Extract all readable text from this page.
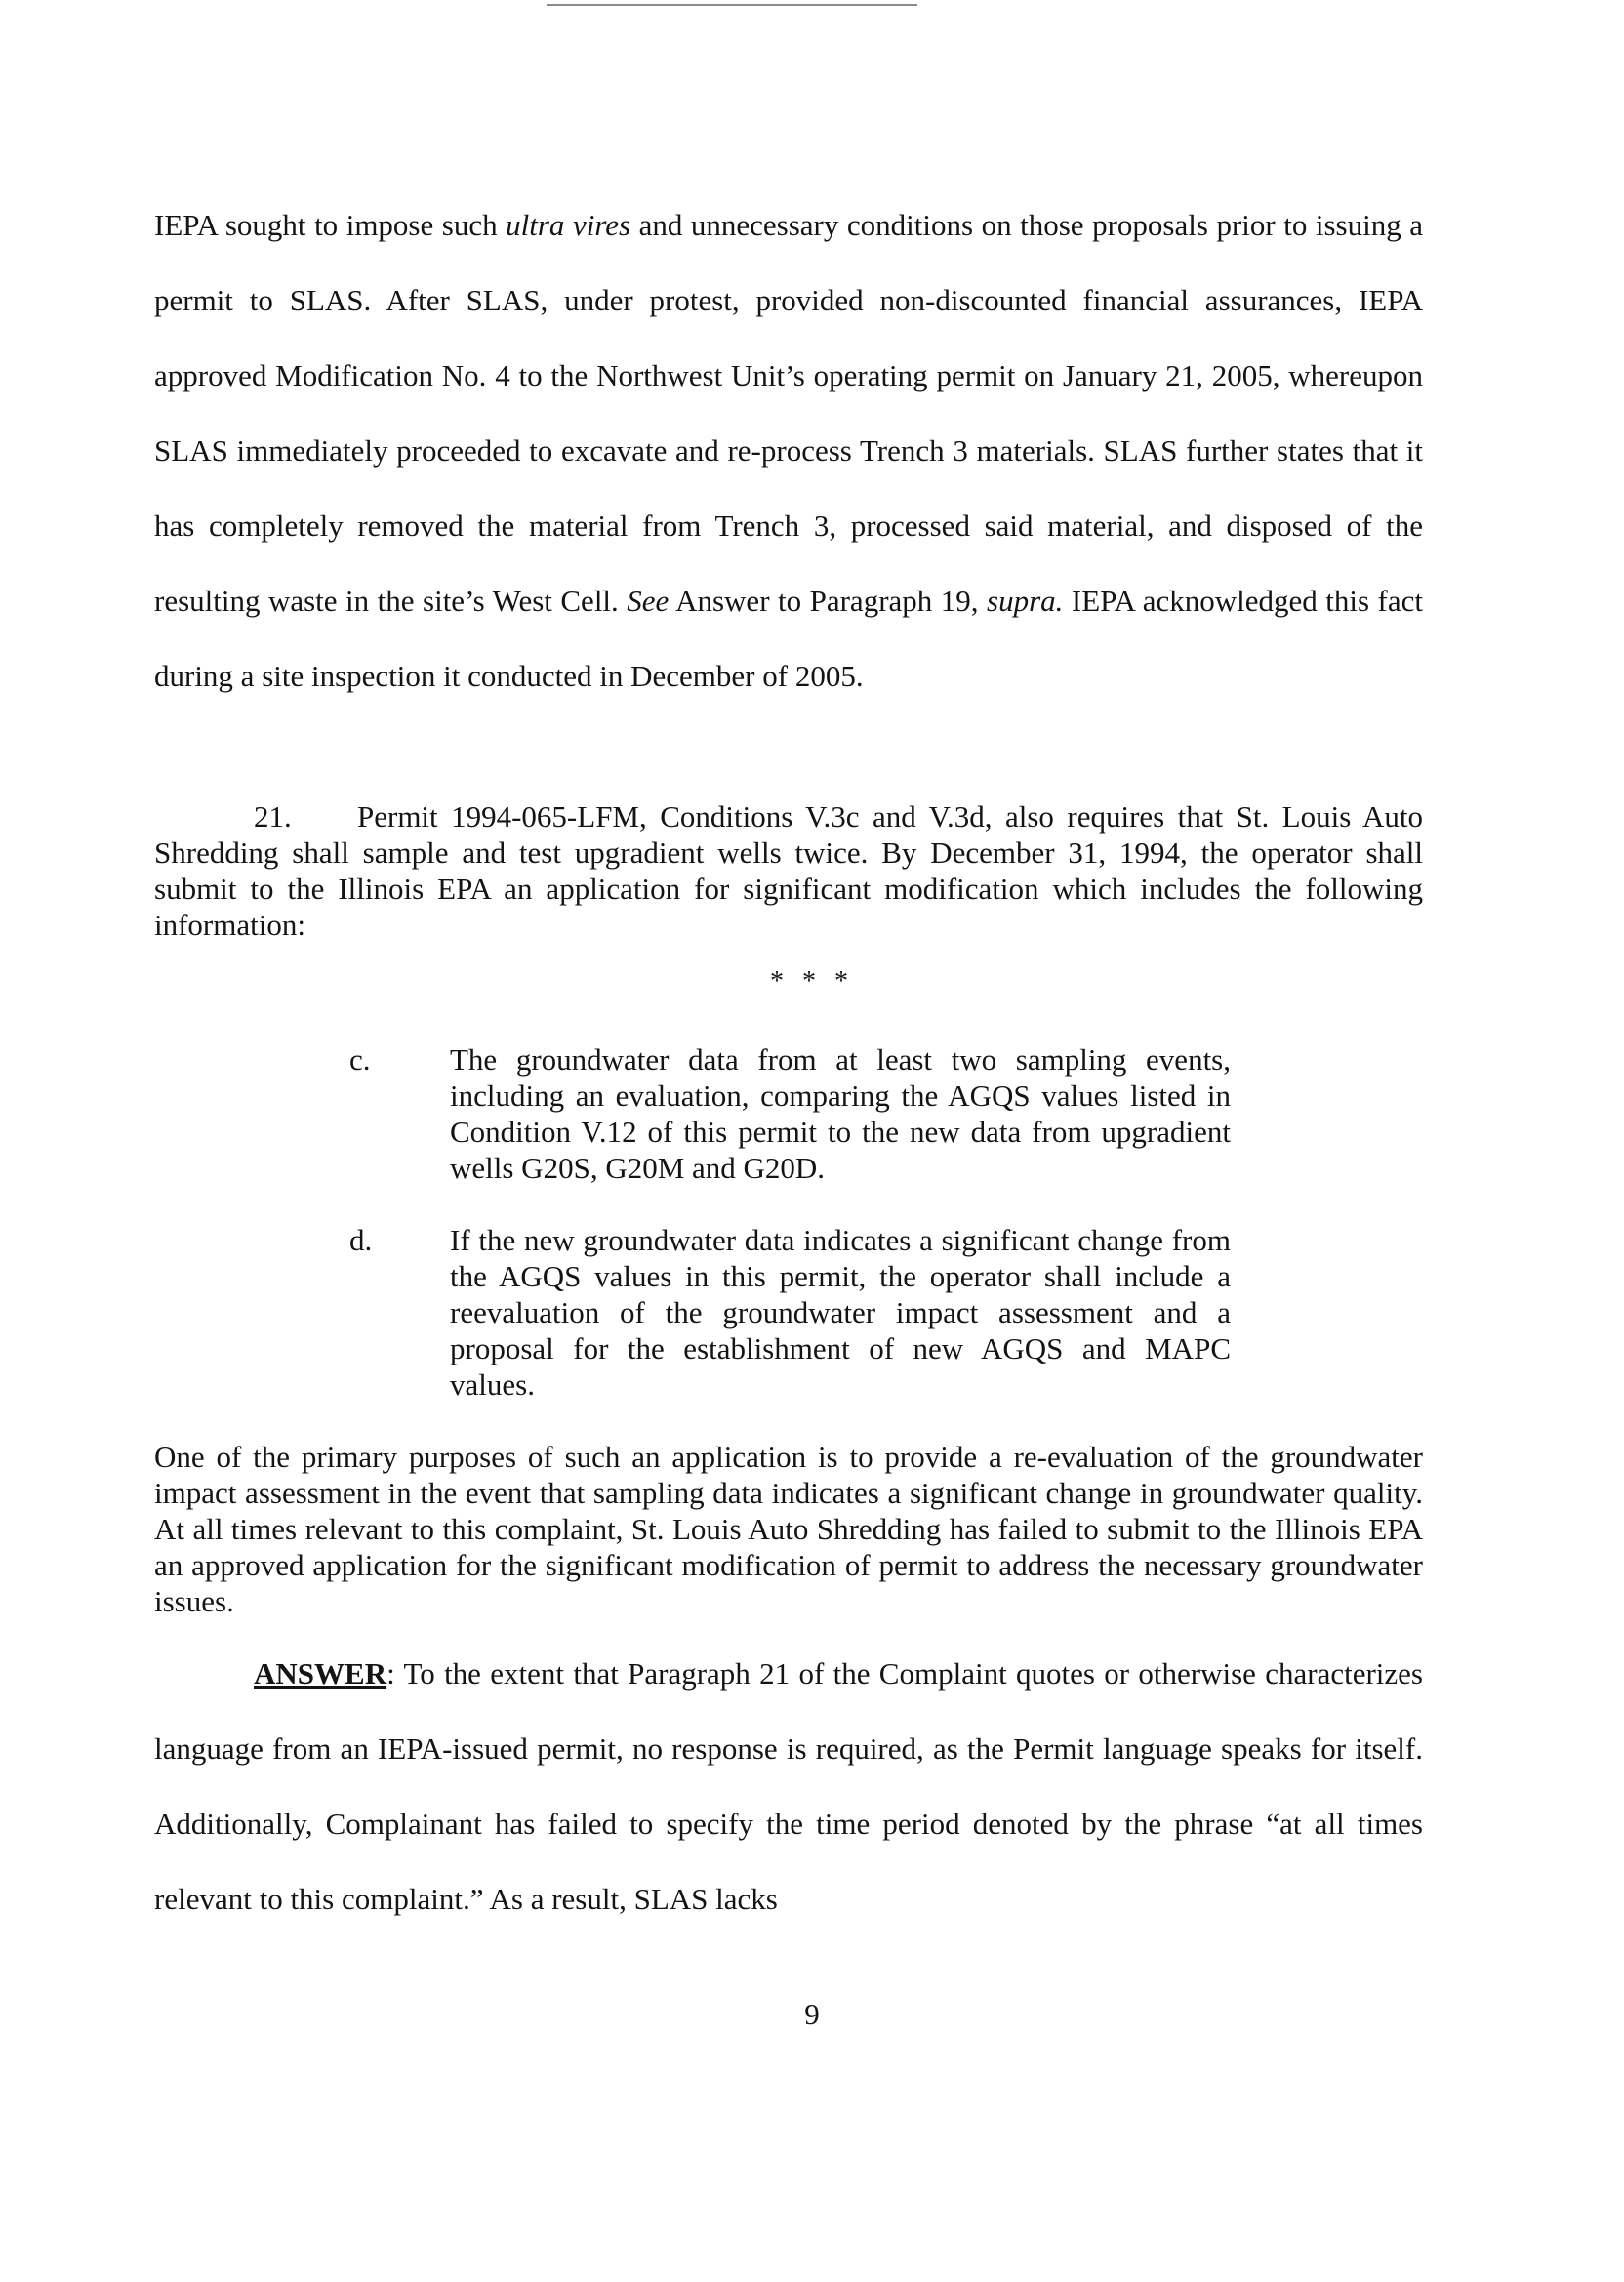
IEPA sought to impose such ultra vires and unnecessary conditions on those proposals prior to issuing a permit to SLAS. After SLAS, under protest, provided non-discounted financial assurances, IEPA approved Modification No. 4 to the Northwest Unit’s operating permit on January 21, 2005, whereupon SLAS immediately proceeded to excavate and re-process Trench 3 materials. SLAS further states that it has completely removed the material from Trench 3, processed said material, and disposed of the resulting waste in the site’s West Cell. See Answer to Paragraph 19, supra. IEPA acknowledged this fact during a site inspection it conducted in December of 2005.

21. Permit 1994-065-LFM, Conditions V.3c and V.3d, also requires that St. Louis Auto Shredding shall sample and test upgradient wells twice. By December 31, 1994, the operator shall submit to the Illinois EPA an application for significant modification which includes the following information:

* * *
c.	The groundwater data from at least two sampling events, including an evaluation, comparing the AGQS values listed in Condition V.12 of this permit to the new data from upgradient wells G20S, G20M and G20D.
d.	If the new groundwater data indicates a significant change from the AGQS values in this permit, the operator shall include a reevaluation of the groundwater impact assessment and a proposal for the establishment of new AGQS and MAPC values.

One of the primary purposes of such an application is to provide a re-evaluation of the groundwater impact assessment in the event that sampling data indicates a significant change in groundwater quality. At all times relevant to this complaint, St. Louis Auto Shredding has failed to submit to the Illinois EPA an approved application for the significant modification of permit to address the necessary groundwater issues.

ANSWER: To the extent that Paragraph 21 of the Complaint quotes or otherwise characterizes language from an IEPA-issued permit, no response is required, as the Permit language speaks for itself. Additionally, Complainant has failed to specify the time period denoted by the phrase “at all times relevant to this complaint.” As a result, SLAS lacks

9
